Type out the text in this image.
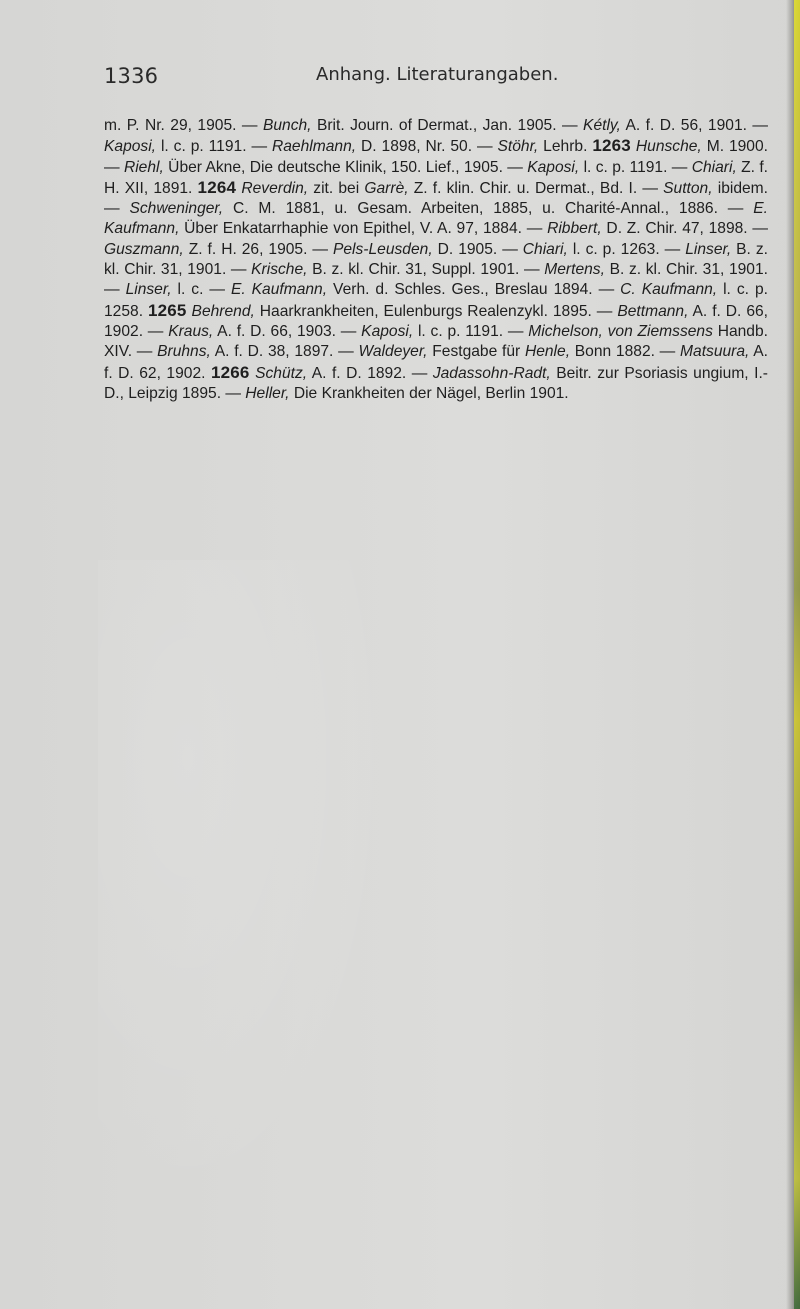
1336	Anhang. Literaturangaben.
m. P. Nr. 29, 1905. — Bunch, Brit. Journ. of Dermat., Jan. 1905. — Kétly, A. f. D. 56, 1901. — Kaposi, l. c. p. 1191. — Raehlmann, D. 1898, Nr. 50. — Stöhr, Lehrb. 1263 Hunsche, M. 1900. — Riehl, Über Akne, Die deutsche Klinik, 150. Lief., 1905. — Kaposi, l. c. p. 1191. — Chiari, Z. f. H. XII, 1891. 1264 Reverdin, zit. bei Garrè, Z. f. klin. Chir. u. Dermat., Bd. I. — Sutton, ibidem. — Schweninger, C. M. 1881, u. Gesam. Arbeiten, 1885, u. Charité-Annal., 1886. — E. Kaufmann, Über Enkatarrhaphie von Epithel, V. A. 97, 1884. — Ribbert, D. Z. Chir. 47, 1898. — Guszmann, Z. f. H. 26, 1905. — Pels-Leusden, D. 1905. — Chiari, l. c. p. 1263. — Linser, B. z. kl. Chir. 31, 1901. — Krische, B. z. kl. Chir. 31, Suppl. 1901. — Mertens, B. z. kl. Chir. 31, 1901. — Linser, l. c. — E. Kaufmann, Verh. d. Schles. Ges., Breslau 1894. — C. Kaufmann, l. c. p. 1258. 1265 Behrend, Haarkrankheiten, Eulenburgs Realenzykl. 1895. — Bettmann, A. f. D. 66, 1902. — Kraus, A. f. D. 66, 1903. — Kaposi, l. c. p. 1191. — Michelson, von Ziemssens Handb. XIV. — Bruhns, A. f. D. 38, 1897. — Waldeyer, Festgabe für Henle, Bonn 1882. — Matsuura, A. f. D. 62, 1902. 1266 Schütz, A. f. D. 1892. — Jadassohn-Radt, Beitr. zur Psoriasis ungium, I.-D., Leipzig 1895. — Heller, Die Krankheiten der Nägel, Berlin 1901.
